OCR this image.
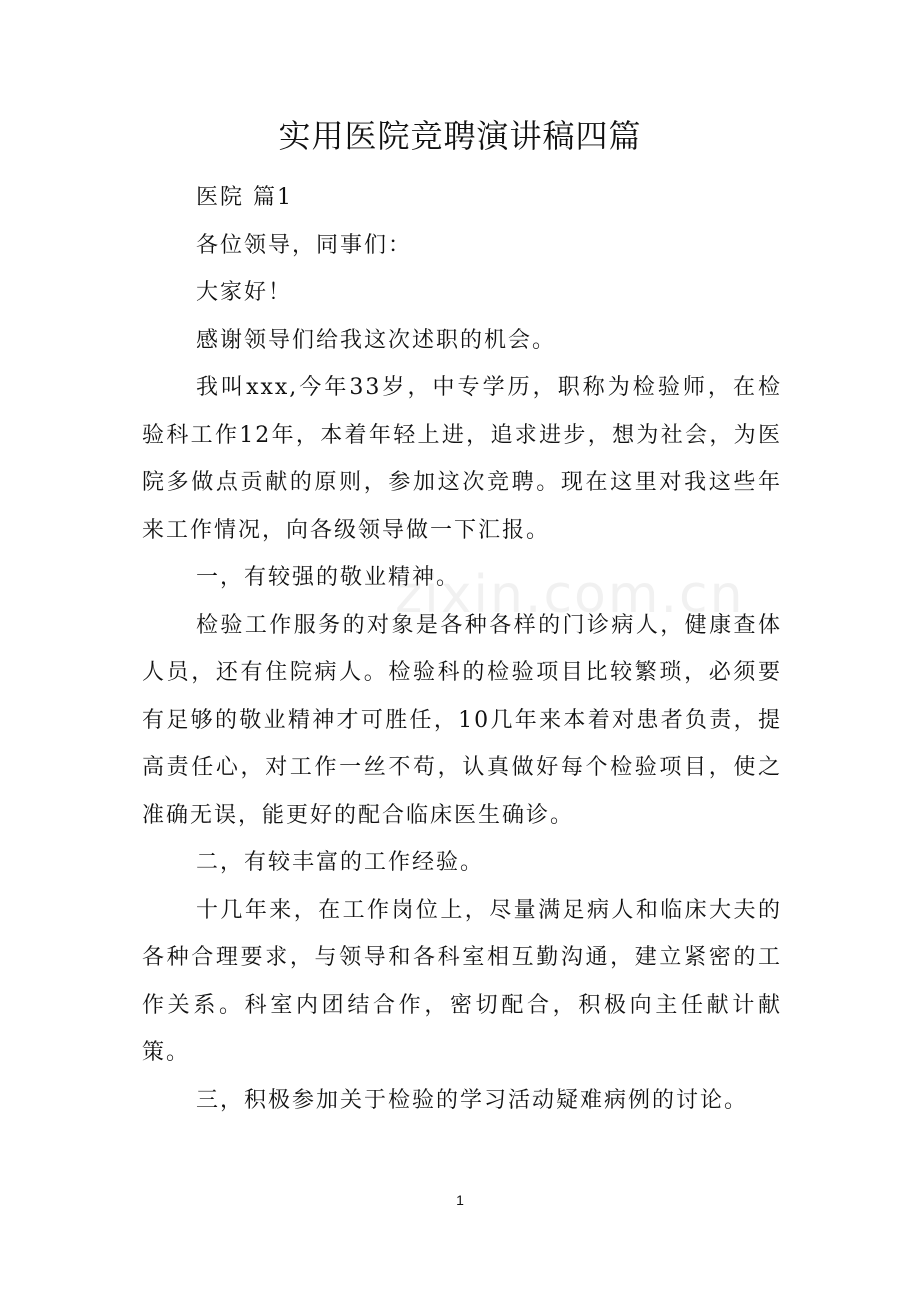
实用医院竞聘演讲稿四篇

医院 篇1

各位领导，同事们：

大家好！

感谢领导们给我这次述职的机会。

我叫xxx,今年33岁，中专学历，职称为检验师，在检验科工作12年，本着年轻上进，追求进步，想为社会，为医院多做点贡献的原则，参加这次竞聘。现在这里对我这些年来工作情况，向各级领导做一下汇报。

一，有较强的敬业精神。

检验工作服务的对象是各种各样的门诊病人，健康查体人员，还有住院病人。检验科的检验项目比较繁琐，必须要有足够的敬业精神才可胜任，10几年来本着对患者负责，提高责任心，对工作一丝不苟，认真做好每个检验项目，使之准确无误，能更好的配合临床医生确诊。

二，有较丰富的工作经验。

十几年来，在工作岗位上，尽量满足病人和临床大夫的各种合理要求，与领导和各科室相互勤沟通，建立紧密的工作关系。科室内团结合作，密切配合，积极向主任献计献策。

三，积极参加关于检验的学习活动疑难病例的讨论。

zixin.com.cn
1
